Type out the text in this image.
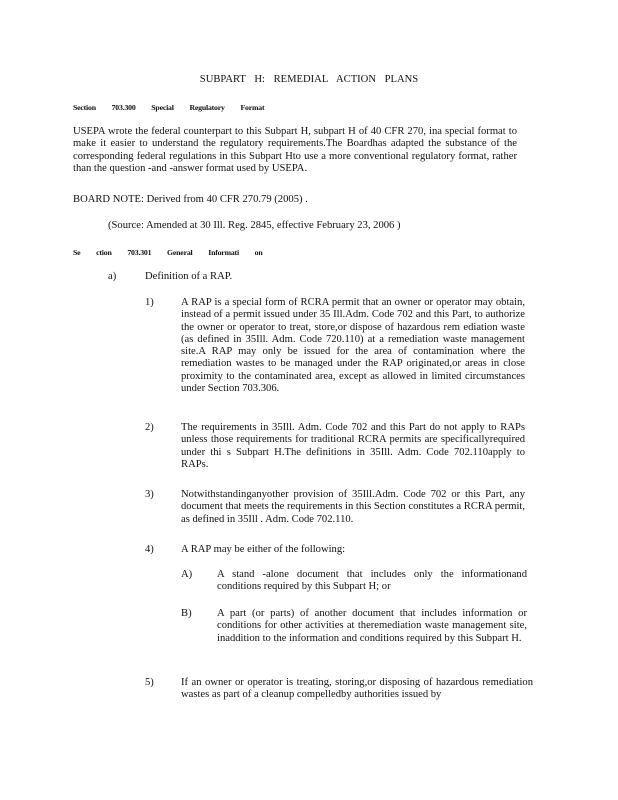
SUBPART H: REMEDIAL ACTION PLANS
Section 703.300 Special Regulatory Format
USEPA wrote the federal counterpart to this Subpart H, subpart H of 40 CFR 270, ina special format to make it easier to understand the regulatory requirements.The Boardhas adapted the substance of the corresponding federal regulations in this Subpart Hto use a more conventional regulatory format, rather than the question -and -answer format used by USEPA.
BOARD NOTE: Derived from 40 CFR 270.79 (2005) .
(Source: Amended at 30 Ill. Reg. 2845, effective February 23, 2006 )
Se ction 703.301 General Informati on
a)	Definition of a RAP.
1)	A RAP is a special form of RCRA permit that an owner or operator may obtain, instead of a permit issued under 35 Ill.Adm. Code 702 and this Part, to authorize the owner or operator to treat, store,or dispose of hazardous rem ediation waste (as defined in 35Ill. Adm. Code 720.110) at a remediation waste management site.A RAP may only be issued for the area of contamination where the remediation wastes to be managed under the RAP originated,or areas in close proximity to the contaminated area, except as allowed in limited circumstances under Section 703.306.
2)	The requirements in 35Ill. Adm. Code 702 and this Part do not apply to RAPs unless those requirements for traditional RCRA permits are specificallyrequired under thi s Subpart H.The definitions in 35Ill. Adm. Code 702.110apply to RAPs.
3)	Notwithstandinganyother provision of 35Ill.Adm. Code 702 or this Part, any document that meets the requirements in this Section constitutes a RCRA permit, as defined in 35Ill . Adm. Code 702.110.
4)	A RAP may be either of the following:
A) A stand -alone document that includes only the informationand conditions required by this Subpart H; or
B) A part (or parts) of another document that includes information or conditions for other activities at theremediation waste management site, inaddition to the information and conditions required by this Subpart H.
5)	If an owner or operator is treating, storing,or disposing of hazardous remediation wastes as part of a cleanup compelledby authorities issued by
